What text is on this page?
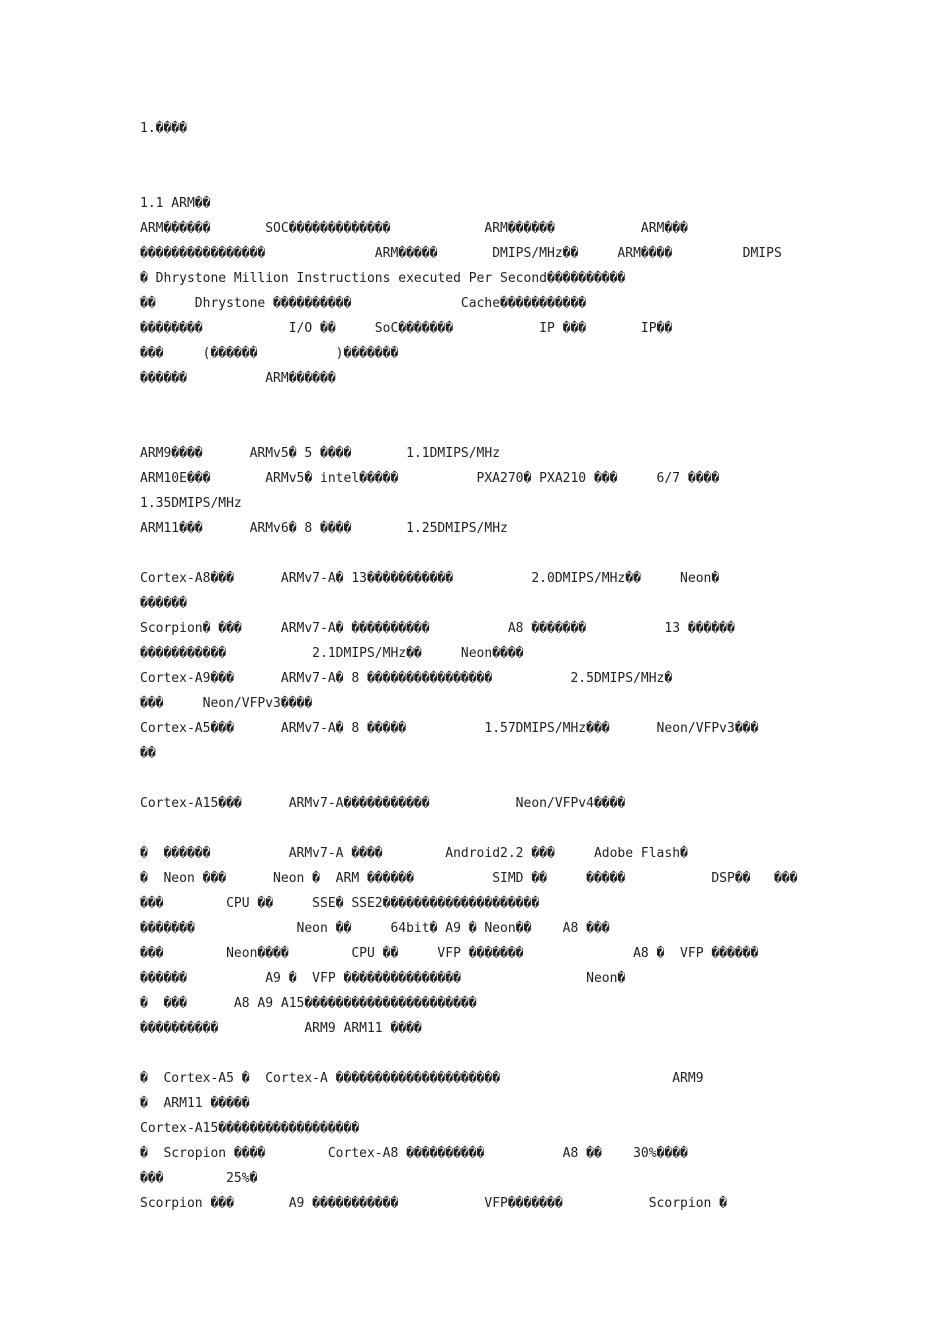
1.����
1.1 ARM��
ARM������       SOC�������������            ARM������           ARM���
����������������              ARM�����       DMIPS/MHz��     ARM����         DMIPS
� Dhrystone Million Instructions executed Per Second����������
��     Dhrystone ����������              Cache�����������
��������           I/O ��     SoC�������           IP ���       IP��
���     (������          )�������
������          ARM������
ARM9����      ARMv5� 5 ����       1.1DMIPS/MHz
ARM10E���       ARMv5� intel�����          PXA270� PXA210 ���     6/7 ����
1.35DMIPS/MHz
ARM11���      ARMv6� 8 ����       1.25DMIPS/MHz
Cortex-A8���      ARMv7-A� 13�����������          2.0DMIPS/MHz��     Neon�
������
Scorpion� ���     ARMv7-A� ����������          A8 �������          13 ������
�����������           2.1DMIPS/MHz��     Neon����
Cortex-A9���      ARMv7-A� 8 ����������������          2.5DMIPS/MHz�
���     Neon/VFPv3����
Cortex-A5���      ARMv7-A� 8 �����          1.57DMIPS/MHz���      Neon/VFPv3���
��
Cortex-A15���      ARMv7-A�����������           Neon/VFPv4����
�  ������          ARMv7-A ����        Android2.2 ���     Adobe Flash�
�  Neon ���      Neon �  ARM ������          SIMD ��     �����           DSP��   ���
���        CPU ��     SSE� SSE2��������������������
�������             Neon ��     64bit� A9 � Neon��    A8 ���
���        Neon����        CPU ��     VFP �������              A8 �  VFP ������
������          A9 �  VFP ���������������                Neon�
�  ���      A8 A9 A15����������������������
����������           ARM9 ARM11 ����
�  Cortex-A5 �  Cortex-A ���������������������                      ARM9
�  ARM11 �����
Cortex-A15������������������
�  Scropion ����        Cortex-A8 ����������          A8 ��    30%����
���        25%�
Scorpion ���       A9 �����������           VFP�������           Scorpion �
